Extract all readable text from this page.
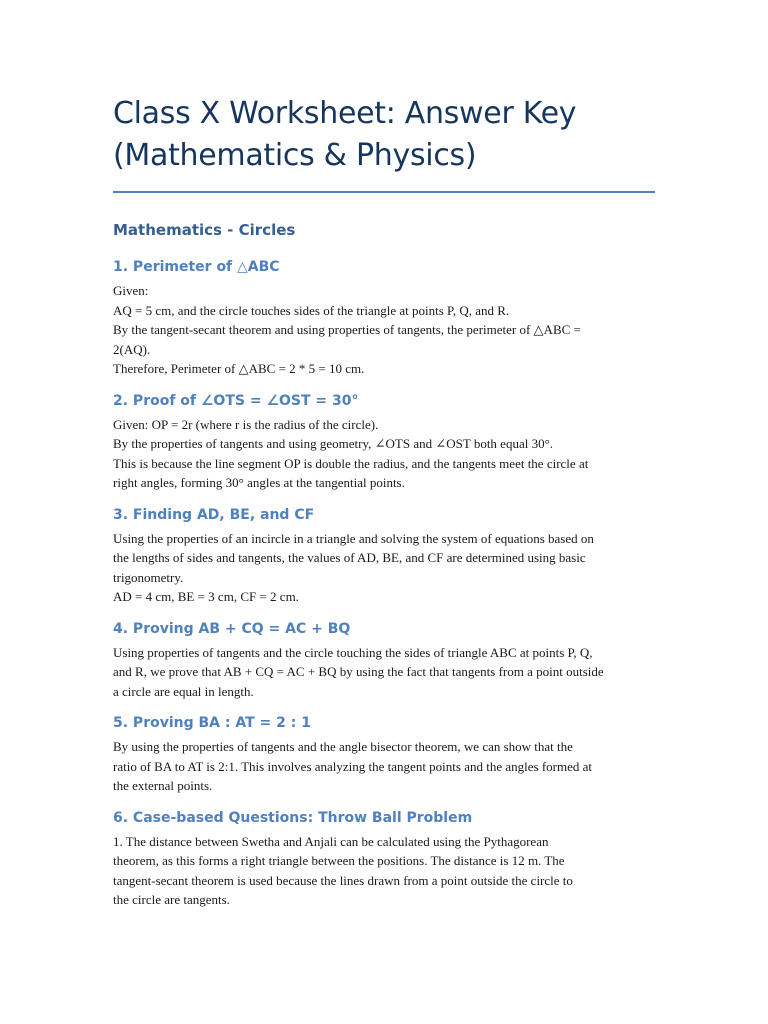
Class X Worksheet: Answer Key
(Mathematics & Physics)
Mathematics - Circles
1. Perimeter of △ABC

Given:

AQ = 5 cm, and the circle touches sides of the triangle at points P, Q, and R.

By the tangent-secant theorem and using properties of tangents, the perimeter of △ABC =

2(AQ).

Therefore, Perimeter of △ABC = 2 * 5 = 10 cm.

2. Proof of ∠OTS = ∠OST = 30°

Given: OP = 2r (where r is the radius of the circle).

By the properties of tangents and using geometry, ∠OTS and ∠OST both equal 30°.

This is because the line segment OP is double the radius, and the tangents meet the circle at

right angles, forming 30° angles at the tangential points.

3. Finding AD, BE, and CF

Using the properties of an incircle in a triangle and solving the system of equations based on

the lengths of sides and tangents, the values of AD, BE, and CF are determined using basic

trigonometry.

AD = 4 cm, BE = 3 cm, CF = 2 cm.

4. Proving AB + CQ = AC + BQ

Using properties of tangents and the circle touching the sides of triangle ABC at points P, Q,

and R, we prove that AB + CQ = AC + BQ by using the fact that tangents from a point outside

a circle are equal in length.

5. Proving BA : AT = 2 : 1

By using the properties of tangents and the angle bisector theorem, we can show that the

ratio of BA to AT is 2:1. This involves analyzing the tangent points and the angles formed at

the external points.

6. Case-based Questions: Throw Ball Problem

1. The distance between Swetha and Anjali can be calculated using the Pythagorean

theorem, as this forms a right triangle between the positions. The distance is 12 m. The

tangent-secant theorem is used because the lines drawn from a point outside the circle to

the circle are tangents.
